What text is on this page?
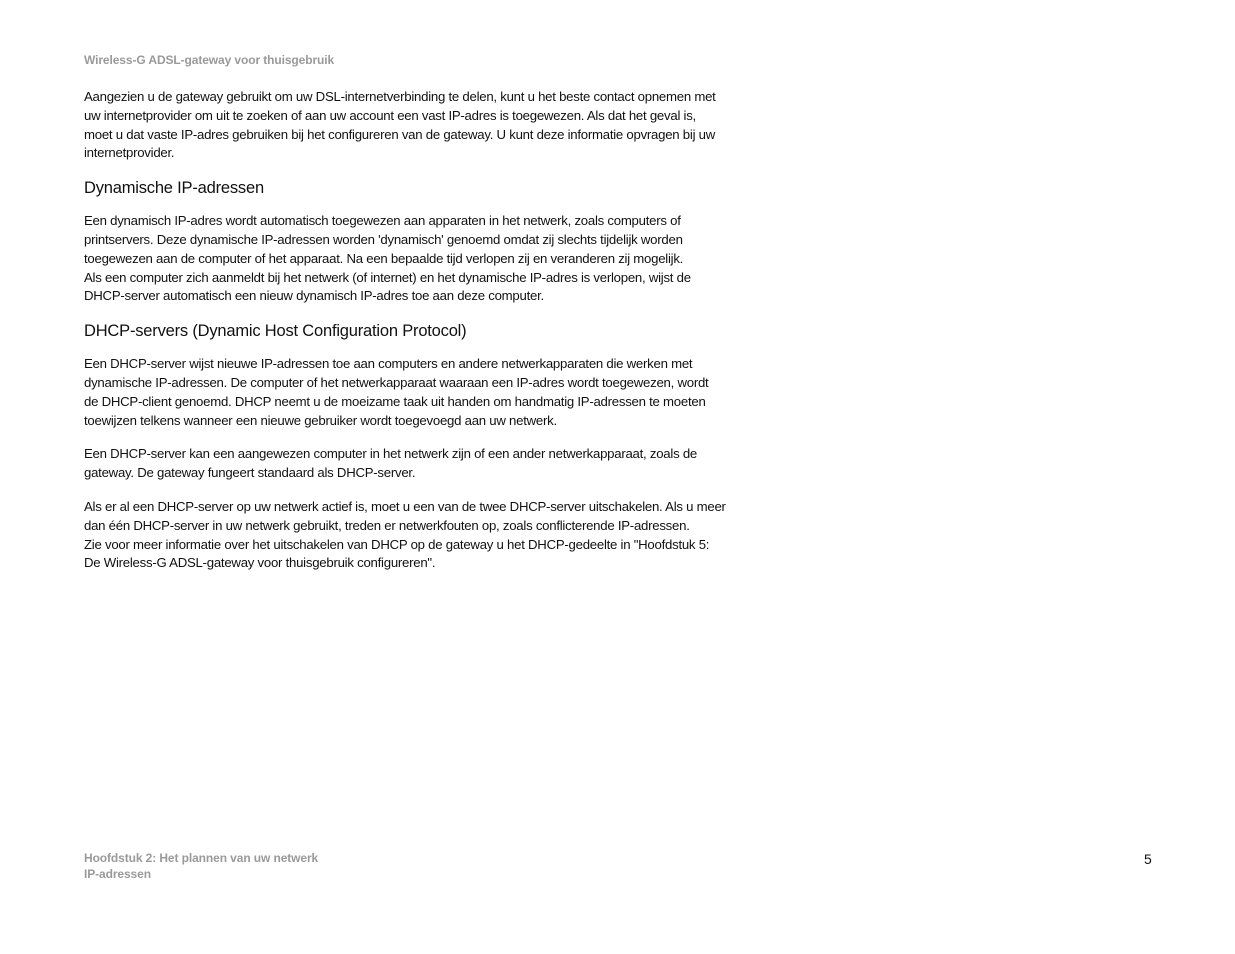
Wireless-G ADSL-gateway voor thuisgebruik

Aangezien u de gateway gebruikt om uw DSL-internetverbinding te delen, kunt u het beste contact opnemen met
uw internetprovider om uit te zoeken of aan uw account een vast IP-adres is toegewezen. Als dat het geval is,
moet u dat vaste IP-adres gebruiken bij het configureren van de gateway. U kunt deze informatie opvragen bij uw
internetprovider.

Dynamische IP-adressen

Een dynamisch IP-adres wordt automatisch toegewezen aan apparaten in het netwerk, zoals computers of
printservers. Deze dynamische IP-adressen worden 'dynamisch' genoemd omdat zij slechts tijdelijk worden
toegewezen aan de computer of het apparaat. Na een bepaalde tijd verlopen zij en veranderen zij mogelijk.
Als een computer zich aanmeldt bij het netwerk (of internet) en het dynamische IP-adres is verlopen, wijst de
DHCP-server automatisch een nieuw dynamisch IP-adres toe aan deze computer.

DHCP-servers (Dynamic Host Configuration Protocol)

Een DHCP-server wijst nieuwe IP-adressen toe aan computers en andere netwerkapparaten die werken met
dynamische IP-adressen. De computer of het netwerkapparaat waaraan een IP-adres wordt toegewezen, wordt
de DHCP-client genoemd. DHCP neemt u de moeizame taak uit handen om handmatig IP-adressen te moeten
toewijzen telkens wanneer een nieuwe gebruiker wordt toegevoegd aan uw netwerk.

Een DHCP-server kan een aangewezen computer in het netwerk zijn of een ander netwerkapparaat, zoals de
gateway. De gateway fungeert standaard als DHCP-server.

Als er al een DHCP-server op uw netwerk actief is, moet u een van de twee DHCP-server uitschakelen. Als u meer
dan één DHCP-server in uw netwerk gebruikt, treden er netwerkfouten op, zoals conflicterende IP-adressen.
Zie voor meer informatie over het uitschakelen van DHCP op de gateway u het DHCP-gedeelte in "Hoofdstuk 5:
De Wireless-G ADSL-gateway voor thuisgebruik configureren".

Hoofdstuk 2: Het plannen van uw netwerk
IP-adressen
5
